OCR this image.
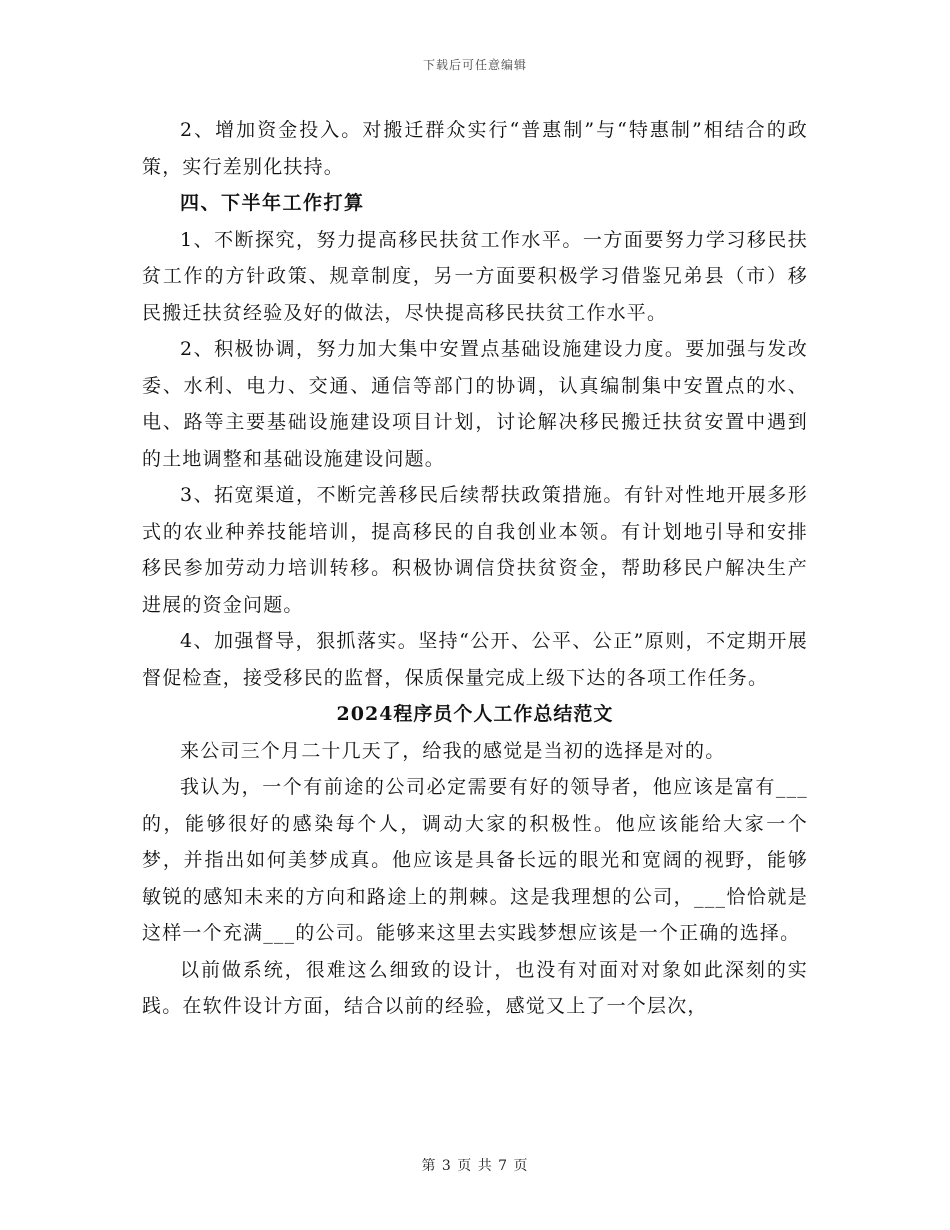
下载后可任意编辑

2、增加资金投入。对搬迁群众实行“普惠制”与“特惠制”相结合的政策，实行差别化扶持。

四、下半年工作打算

1、不断探究，努力提高移民扶贫工作水平。一方面要努力学习移民扶贫工作的方针政策、规章制度，另一方面要积极学习借鉴兄弟县（市）移民搬迁扶贫经验及好的做法，尽快提高移民扶贫工作水平。

2、积极协调，努力加大集中安置点基础设施建设力度。要加强与发改委、水利、电力、交通、通信等部门的协调，认真编制集中安置点的水、电、路等主要基础设施建设项目计划，讨论解决移民搬迁扶贫安置中遇到的土地调整和基础设施建设问题。

3、拓宽渠道，不断完善移民后续帮扶政策措施。有针对性地开展多形式的农业种养技能培训，提高移民的自我创业本领。有计划地引导和安排移民参加劳动力培训转移。积极协调信贷扶贫资金，帮助移民户解决生产进展的资金问题。

4、加强督导，狠抓落实。坚持“公开、公平、公正”原则，不定期开展督促检查，接受移民的监督，保质保量完成上级下达的各项工作任务。

2024程序员个人工作总结范文

来公司三个月二十几天了，给我的感觉是当初的选择是对的。

我认为，一个有前途的公司必定需要有好的领导者，他应该是富有___的，能够很好的感染每个人，调动大家的积极性。他应该能给大家一个梦，并指出如何美梦成真。他应该是具备长远的眼光和宽阔的视野，能够敏锐的感知未来的方向和路途上的荆棘。这是我理想的公司，___恰恰就是这样一个充满___的公司。能够来这里去实践梦想应该是一个正确的选择。

以前做系统，很难这么细致的设计，也没有对面对对象如此深刻的实践。在软件设计方面，结合以前的经验，感觉又上了一个层次，

第 3 页 共 7 页
